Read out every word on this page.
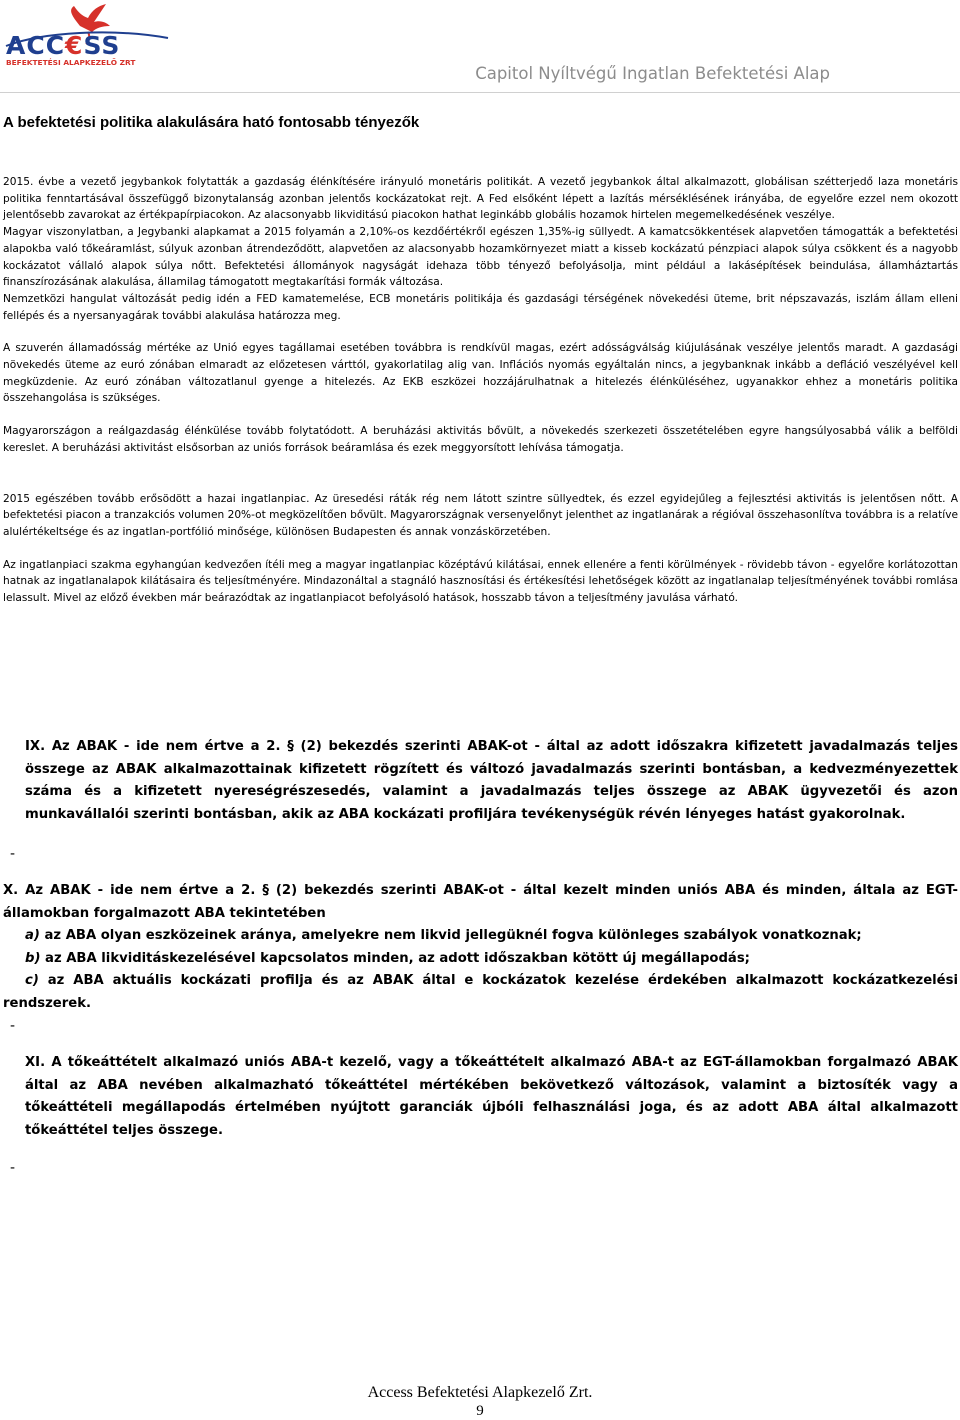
ACC€SS
BEFEKTETÉSI ALAPKEZELŐ ZRT
Capitol Nyíltvégű Ingatlan Befektetési Alap
A befektetési politika alakulására ható fontosabb tényezők

2015. évbe a vezető jegybankok folytatták a gazdaság élénkítésére irányuló monetáris politikát. A vezető jegybankok által alkalmazott, globálisan szétterjedő laza monetáris politika fenntartásával összefüggő bizonytalanság azonban jelentős kockázatokat rejt. A Fed elsőként lépett a lazítás mérséklésének irányába, de egyelőre ezzel nem okozott jelentősebb zavarokat az értékpapírpiacokon. Az alacsonyabb likviditású piacokon hathat leginkább globális hozamok hirtelen megemelkedésének veszélye.

Magyar viszonylatban, a Jegybanki alapkamat a 2015 folyamán a 2,10%-os kezdőértékről egészen 1,35%-ig süllyedt. A kamatcsökkentések alapvetően támogatták a befektetési alapokba való tőkeáramlást, súlyuk azonban átrendeződött, alapvetően az alacsonyabb hozamkörnyezet miatt a kisseb kockázatú pénzpiaci alapok súlya csökkent és a nagyobb kockázatot vállaló alapok súlya nőtt. Befektetési állományok nagyságát idehaza több tényező befolyásolja, mint például a lakásépítések beindulása, államháztartás finanszírozásának alakulása, államilag támogatott megtakarítási formák változása.

Nemzetközi hangulat változását pedig idén a FED kamatemelése, ECB monetáris politikája és gazdasági térségének növekedési üteme, brit népszavazás, iszlám állam elleni fellépés és a nyersanyagárak további alakulása határozza meg.

A szuverén államadósság mértéke az Unió egyes tagállamai esetében továbbra is rendkívül magas, ezért adósságválság kiújulásának veszélye jelentős maradt. A gazdasági növekedés üteme az euró zónában elmaradt az előzetesen várttól, gyakorlatilag alig van. Inflációs nyomás egyáltalán nincs, a jegybanknak inkább a defláció veszélyével kell megküzdenie. Az euró zónában változatlanul gyenge a hitelezés. Az EKB eszközei hozzájárulhatnak a hitelezés élénküléséhez, ugyanakkor ehhez a monetáris politika összehangolása is szükséges.

Magyarországon a reálgazdaság élénkülése tovább folytatódott. A beruházási aktivitás bővült, a növekedés szerkezeti összetételében egyre hangsúlyosabbá válik a belföldi kereslet. A beruházási aktivitást elsősorban az uniós források beáramlása és ezek meggyorsított lehívása támogatja.

2015 egészében tovább erősödött a hazai ingatlanpiac. Az üresedési ráták rég nem látott szintre süllyedtek, és ezzel egyidejűleg a fejlesztési aktivitás is jelentősen nőtt. A befektetési piacon a tranzakciós volumen 20%-ot megközelítően bővült. Magyarországnak versenyelőnyt jelenthet az ingatlanárak a régióval összehasonlítva továbbra is a relatíve alulértékeltsége és az ingatlan-portfólió minősége, különösen Budapesten és annak vonzáskörzetében.

Az ingatlanpiaci szakma egyhangúan kedvezően ítéli meg a magyar ingatlanpiac középtávú kilátásai, ennek ellenére a fenti körülmények - rövidebb távon - egyelőre korlátozottan hatnak az ingatlanalapok kilátásaira és teljesítményére. Mindazonáltal a stagnáló hasznosítási és értékesítési lehetőségek között az ingatlanalap teljesítményének további romlása lelassult. Mivel az előző években már beárazódtak az ingatlanpiacot befolyásoló hatások, hosszabb távon a teljesítmény javulása várható.

IX. Az ABAK - ide nem értve a 2. § (2) bekezdés szerinti ABAK-ot - által az adott időszakra kifizetett javadalmazás teljes összege az ABAK alkalmazottainak kifizetett rögzített és változó javadalmazás szerinti bontásban, a kedvezményezettek száma és a kifizetett nyereségrészesedés, valamint a javadalmazás teljes összege az ABAK ügyvezetői és azon munkavállalói szerinti bontásban, akik az ABA kockázati profiljára tevékenységük révén lényeges hatást gyakorolnak.

-

X. Az ABAK - ide nem értve a 2. § (2) bekezdés szerinti ABAK-ot - által kezelt minden uniós ABA és minden, általa az EGT-államokban forgalmazott ABA tekintetében

a) az ABA olyan eszközeinek aránya, amelyekre nem likvid jellegüknél fogva különleges szabályok vonatkoznak;

b) az ABA likviditáskezelésével kapcsolatos minden, az adott időszakban kötött új megállapodás;

c) az ABA aktuális kockázati profilja és az ABAK által e kockázatok kezelése érdekében alkalmazott kockázatkezelési rendszerek.

-

XI. A tőkeáttételt alkalmazó uniós ABA-t kezelő, vagy a tőkeáttételt alkalmazó ABA-t az EGT-államokban forgalmazó ABAK által az ABA nevében alkalmazható tőkeáttétel mértékében bekövetkező változások, valamint a biztosíték vagy a tőkeáttételi megállapodás értelmében nyújtott garanciák újbóli felhasználási joga, és az adott ABA által alkalmazott tőkeáttétel teljes összege.

-
Access Befektetési Alapkezelő Zrt.
9
